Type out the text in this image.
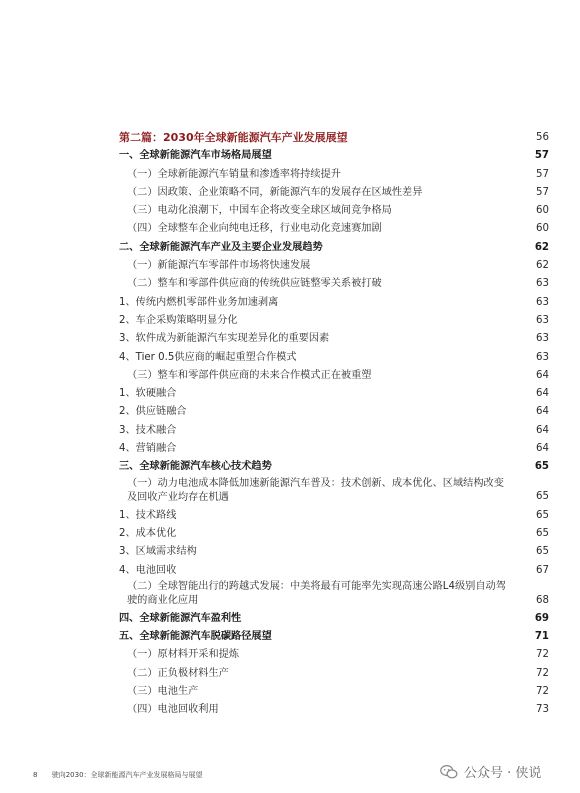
第二篇：2030年全球新能源汽车产业发展展望	56
一、全球新能源汽车市场格局展望	57
（一）全球新能源汽车销量和渗透率将持续提升	57
（二）因政策、企业策略不同，新能源汽车的发展存在区域性差异	57
（三）电动化浪潮下，中国车企将改变全球区域间竞争格局	60
（四）全球整车企业向纯电迁移，行业电动化竞速赛加剧	60
二、全球新能源汽车产业及主要企业发展趋势	62
（一）新能源汽车零部件市场将快速发展	62
（二）整车和零部件供应商的传统供应链整零关系被打破	63
1、传统内燃机零部件业务加速剥离	63
2、车企采购策略明显分化	63
3、软件成为新能源汽车实现差异化的重要因素	63
4、Tier 0.5供应商的崛起重塑合作模式	63
（三）整车和零部件供应商的未来合作模式正在被重塑	64
1、软硬融合	64
2、供应链融合	64
3、技术融合	64
4、营销融合	64
三、全球新能源汽车核心技术趋势	65
（一）动力电池成本降低加速新能源汽车普及：技术创新、成本优化、区域结构改变及回收产业均存在机遇	65
1、技术路线	65
2、成本优化	65
3、区域需求结构	65
4、电池回收	67
（二）全球智能出行的跨越式发展：中美将最有可能率先实现高速公路L4级别自动驾驶的商业化应用	68
四、全球新能源汽车盈利性	69
五、全球新能源汽车脱碳路径展望	71
（一）原材料开采和提炼	72
（二）正负极材料生产	72
（三）电池生产	72
（四）电池回收利用	73
8 驶向2030：全球新能源汽车产业发展格局与展望	公众号 · 侠说
